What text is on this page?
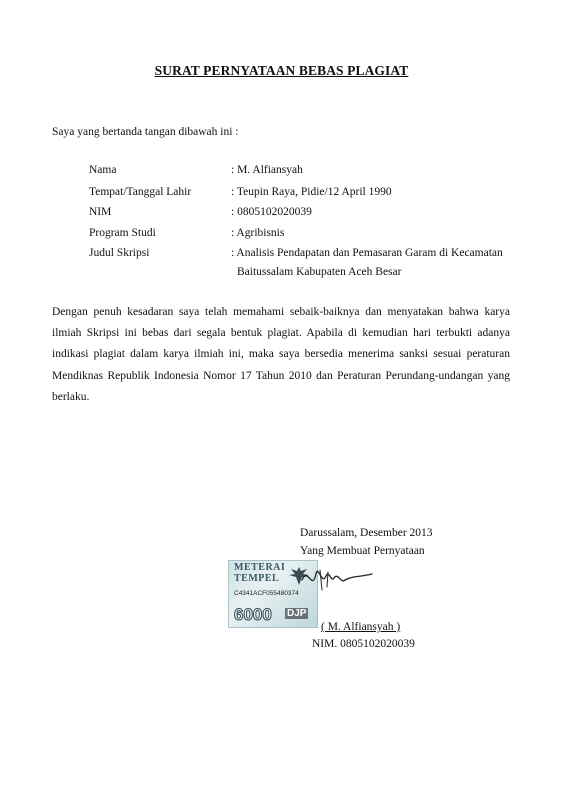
SURAT PERNYATAAN BEBAS PLAGIAT
Saya yang bertanda tangan dibawah ini :
Nama	: M. Alfiansyah
Tempat/Tanggal Lahir	: Teupin Raya, Pidie/12 April 1990
NIM	: 0805102020039
Program Studi	: Agribisnis
Judul Skripsi	: Analisis Pendapatan dan Pemasaran Garam di Kecamatan
Baitussalam Kabupaten Aceh Besar
Dengan penuh kesadaran saya telah memahami sebaik-baiknya dan menyatakan bahwa karya
ilmiah Skripsi ini bebas dari segala bentuk plagiat. Apabila di kemudian hari terbukti adanya
indikasi plagiat dalam karya ilmiah ini, maka saya bersedia menerima sanksi sesuai peraturan
Mendiknas Republik Indonesia Nomor 17 Tahun 2010 dan Peraturan Perundang-undangan yang
berlaku.
Darussalam, Desember 2013
Yang Membuat Pernyataan
METERAI
TEMPEL
C4341ACF055480374
6000 DJP
( M. Alfiansyah )
NIM. 0805102020039
